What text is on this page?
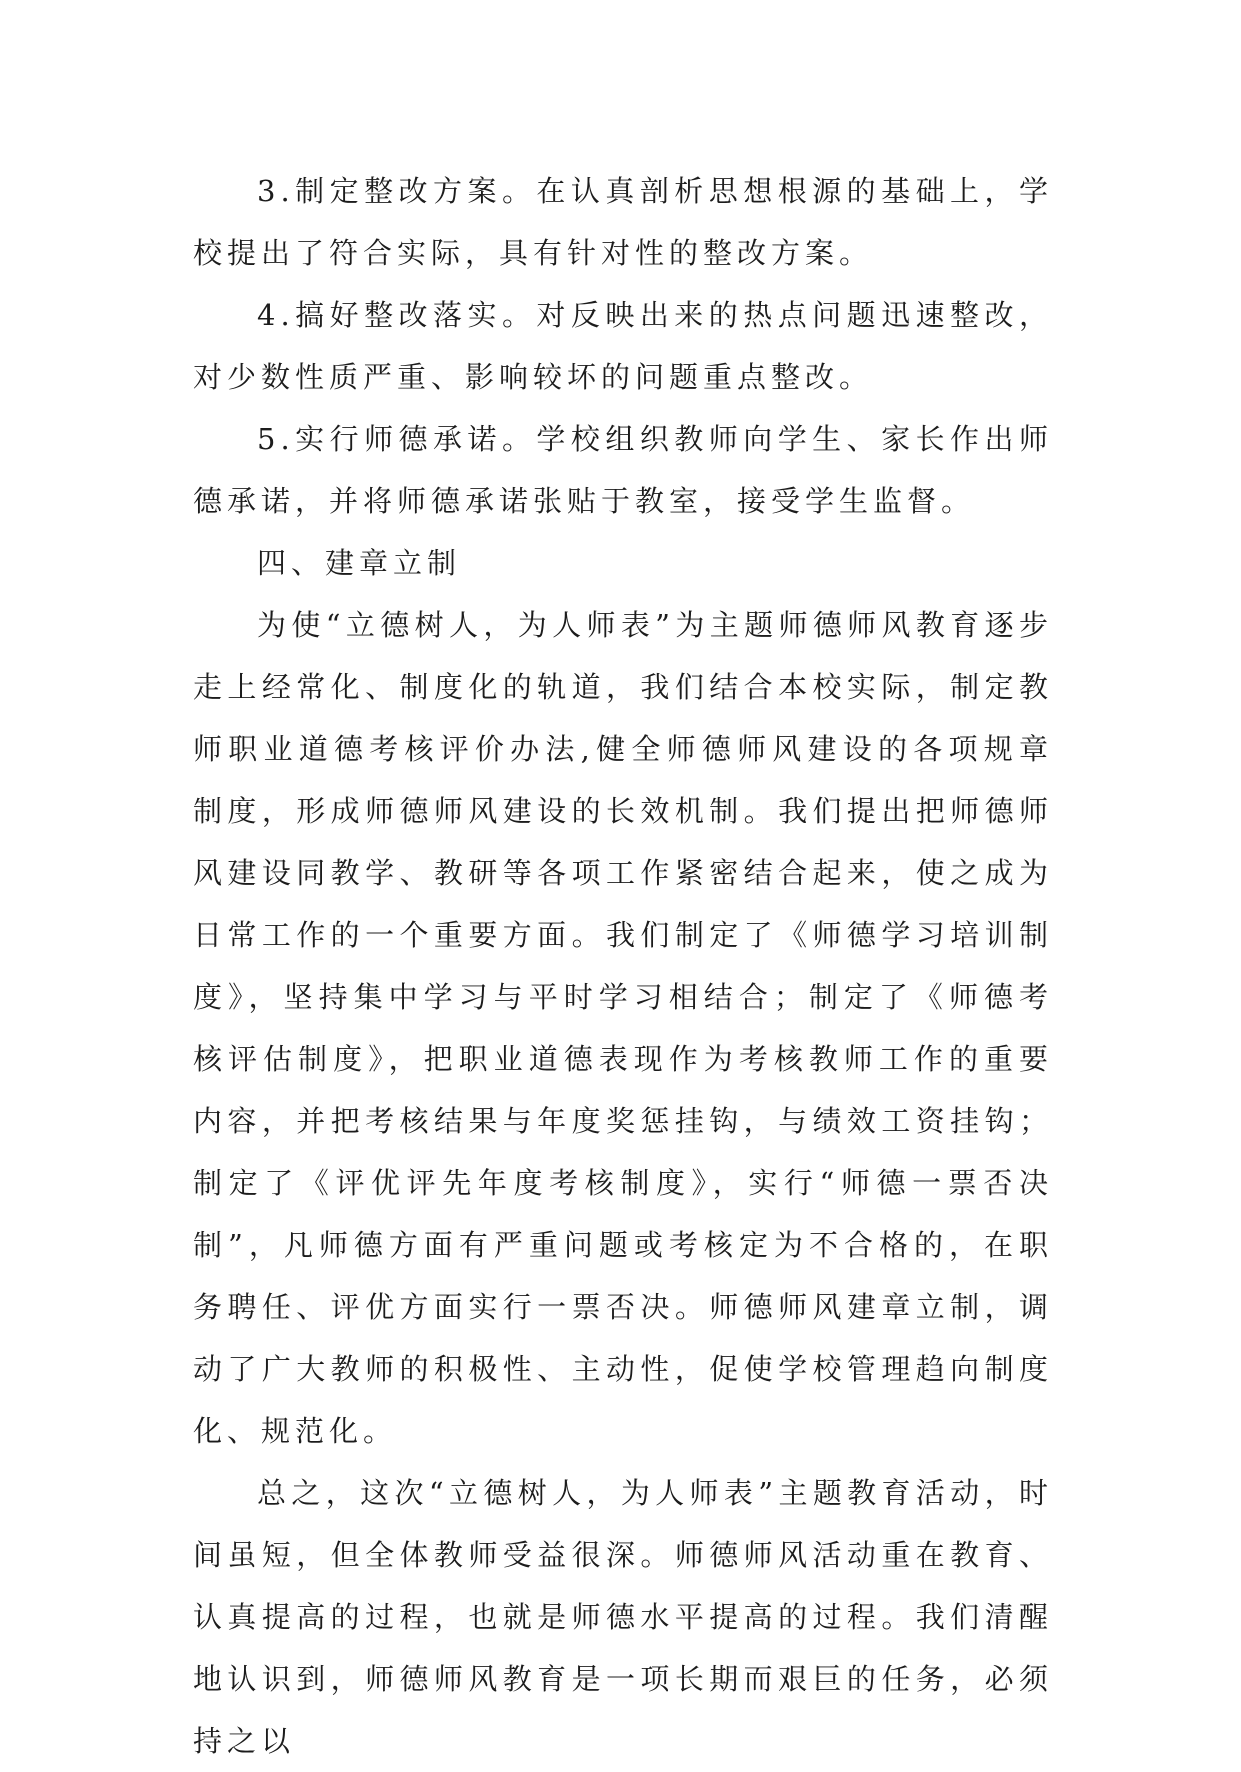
3.制定整改方案。在认真剖析思想根源的基础上，学校提出了符合实际，具有针对性的整改方案。

4.搞好整改落实。对反映出来的热点问题迅速整改，对少数性质严重、影响较坏的问题重点整改。

5.实行师德承诺。学校组织教师向学生、家长作出师德承诺，并将师德承诺张贴于教室，接受学生监督。

四、建章立制

为使“立德树人，为人师表”为主题师德师风教育逐步走上经常化、制度化的轨道，我们结合本校实际，制定教师职业道德考核评价办法,健全师德师风建设的各项规章制度，形成师德师风建设的长效机制。我们提出把师德师风建设同教学、教研等各项工作紧密结合起来，使之成为日常工作的一个重要方面。我们制定了《师德学习培训制度》，坚持集中学习与平时学习相结合；制定了《师德考核评估制度》，把职业道德表现作为考核教师工作的重要内容，并把考核结果与年度奖惩挂钩，与绩效工资挂钩；制定了《评优评先年度考核制度》，实行“师德一票否决制”，凡师德方面有严重问题或考核定为不合格的，在职务聘任、评优方面实行一票否决。师德师风建章立制，调动了广大教师的积极性、主动性，促使学校管理趋向制度化、规范化。

总之，这次“立德树人，为人师表”主题教育活动，时间虽短，但全体教师受益很深。师德师风活动重在教育、认真提高的过程，也就是师德水平提高的过程。我们清醒地认识到，师德师风教育是一项长期而艰巨的任务，必须持之以
